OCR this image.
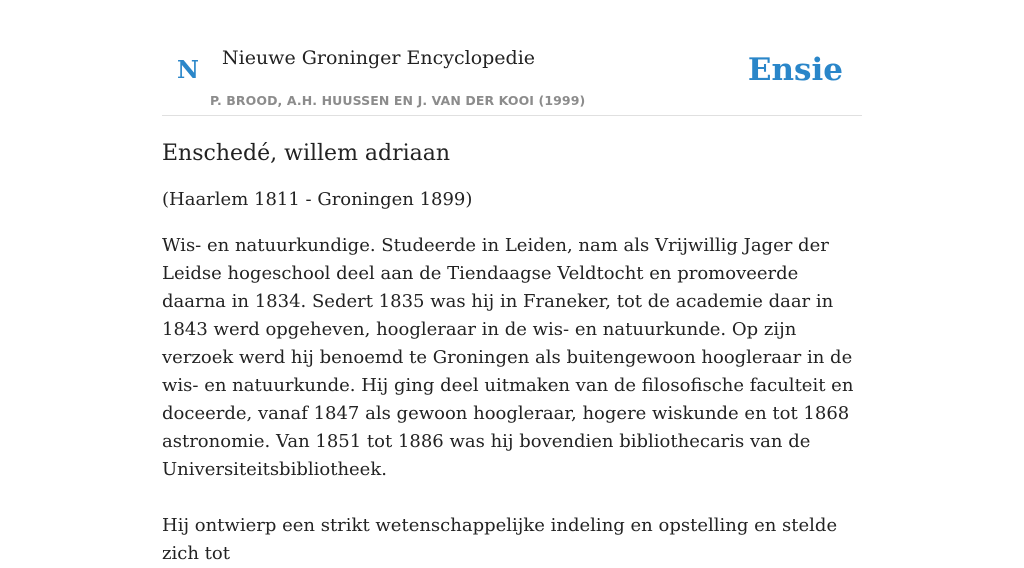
N Nieuwe Groninger Encyclopedie
P. BROOD, A.H. HUUSSEN EN J. VAN DER KOOI (1999)
Ensie
Enschedé, willem adriaan

(Haarlem 1811 - Groningen 1899)

Wis- en natuurkundige. Studeerde in Leiden, nam als Vrijwillig Jager der Leidse hogeschool deel aan de Tiendaagse Veldtocht en promoveerde daarna in 1834. Sedert 1835 was hij in Franeker, tot de academie daar in 1843 werd opgeheven, hoogleraar in de wis- en natuurkunde. Op zijn verzoek werd hij benoemd te Groningen als buitengewoon hoogleraar in de wis- en natuurkunde. Hij ging deel uitmaken van de filosofische faculteit en doceerde, vanaf 1847 als gewoon hoogleraar, hogere wiskunde en tot 1868 astronomie. Van 1851 tot 1886 was hij bovendien bibliothecaris van de Universiteitsbibliotheek.

Hij ontwierp een strikt wetenschappelijke indeling en opstelling en stelde zich tot
